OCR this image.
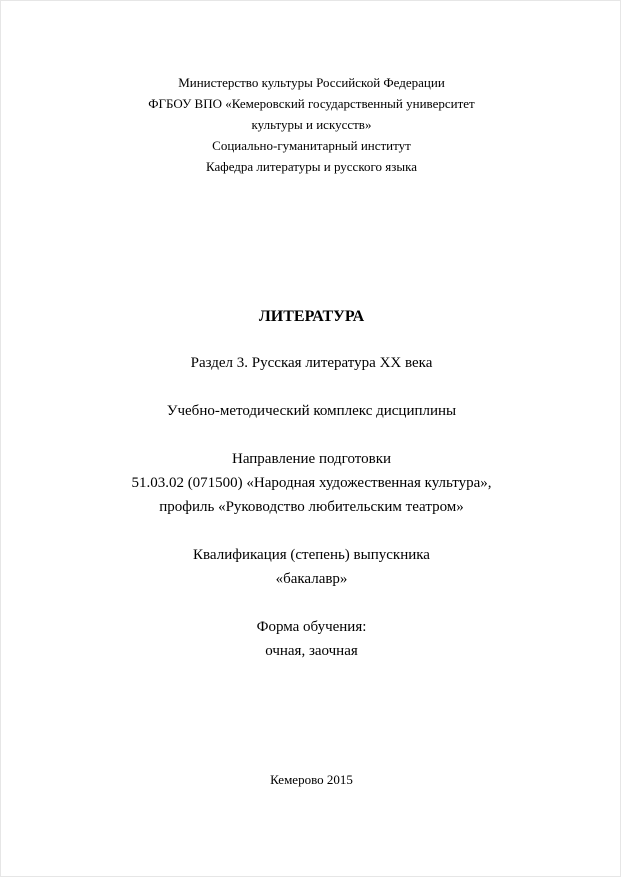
Министерство культуры Российской Федерации
ФГБОУ ВПО «Кемеровский государственный университет
культуры и искусств»
Социально-гуманитарный институт
Кафедра литературы и русского языка
ЛИТЕРАТУРА
Раздел 3. Русская литература XX века
Учебно-методический комплекс дисциплины
Направление подготовки
51.03.02 (071500) «Народная художественная культура»,
профиль «Руководство любительским театром»
Квалификация (степень) выпускника
«бакалавр»
Форма обучения:
очная, заочная
Кемерово 2015
